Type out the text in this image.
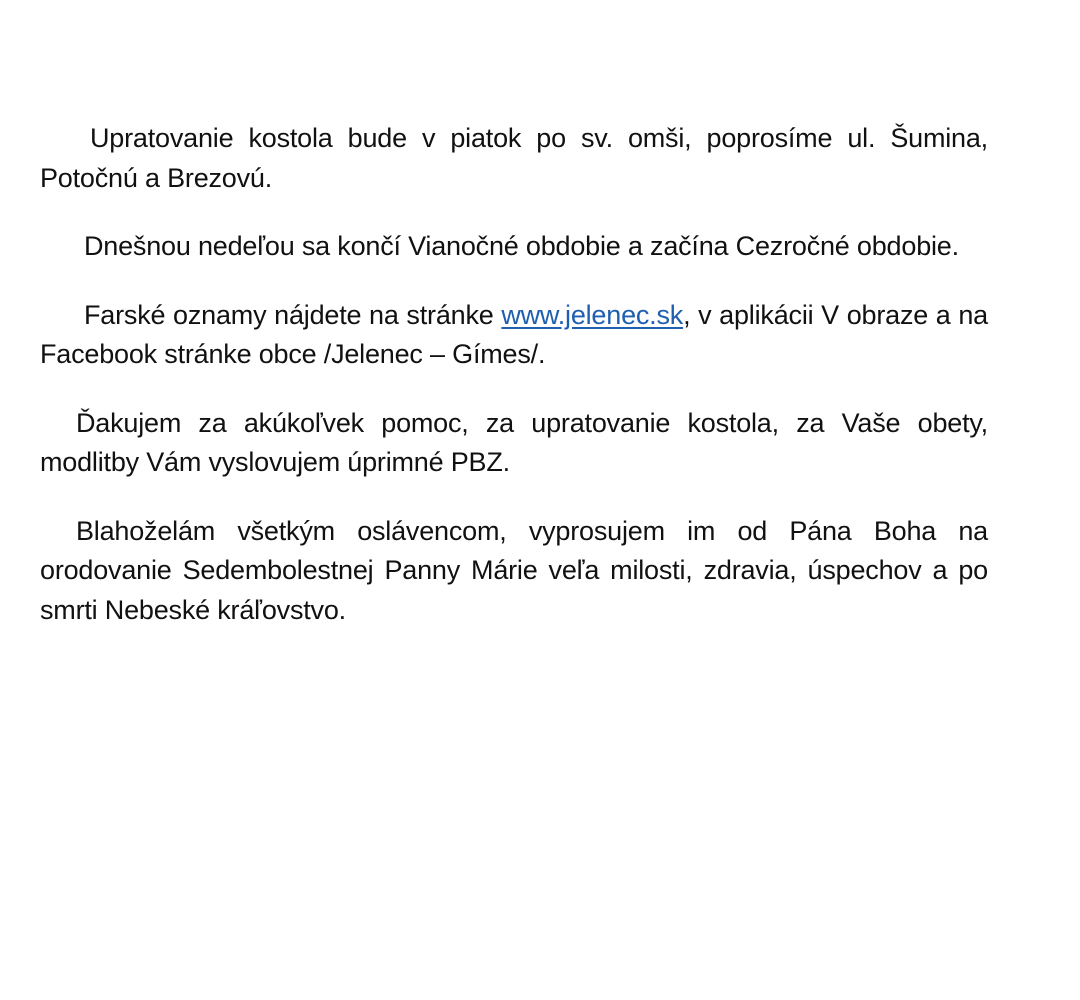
Upratovanie kostola bude v piatok po sv. omši, poprosíme ul. Šumina, Potočnú a Brezovú.

Dnešnou nedeľou sa končí Vianočné obdobie a začína Cezročné obdobie.

Farské oznamy nájdete na stránke www.jelenec.sk, v aplikácii V obraze a na Facebook stránke obce /Jelenec – Gímes/.

Ďakujem za akúkoľvek pomoc, za upratovanie kostola, za Vaše obety, modlitby Vám vyslovujem úprimné PBZ.

Blahoželám všetkým oslávencom, vyprosujem im od Pána Boha na orodovanie Sedembolestnej Panny Márie veľa milosti, zdravia, úspechov a po smrti Nebeské kráľovstvo.
